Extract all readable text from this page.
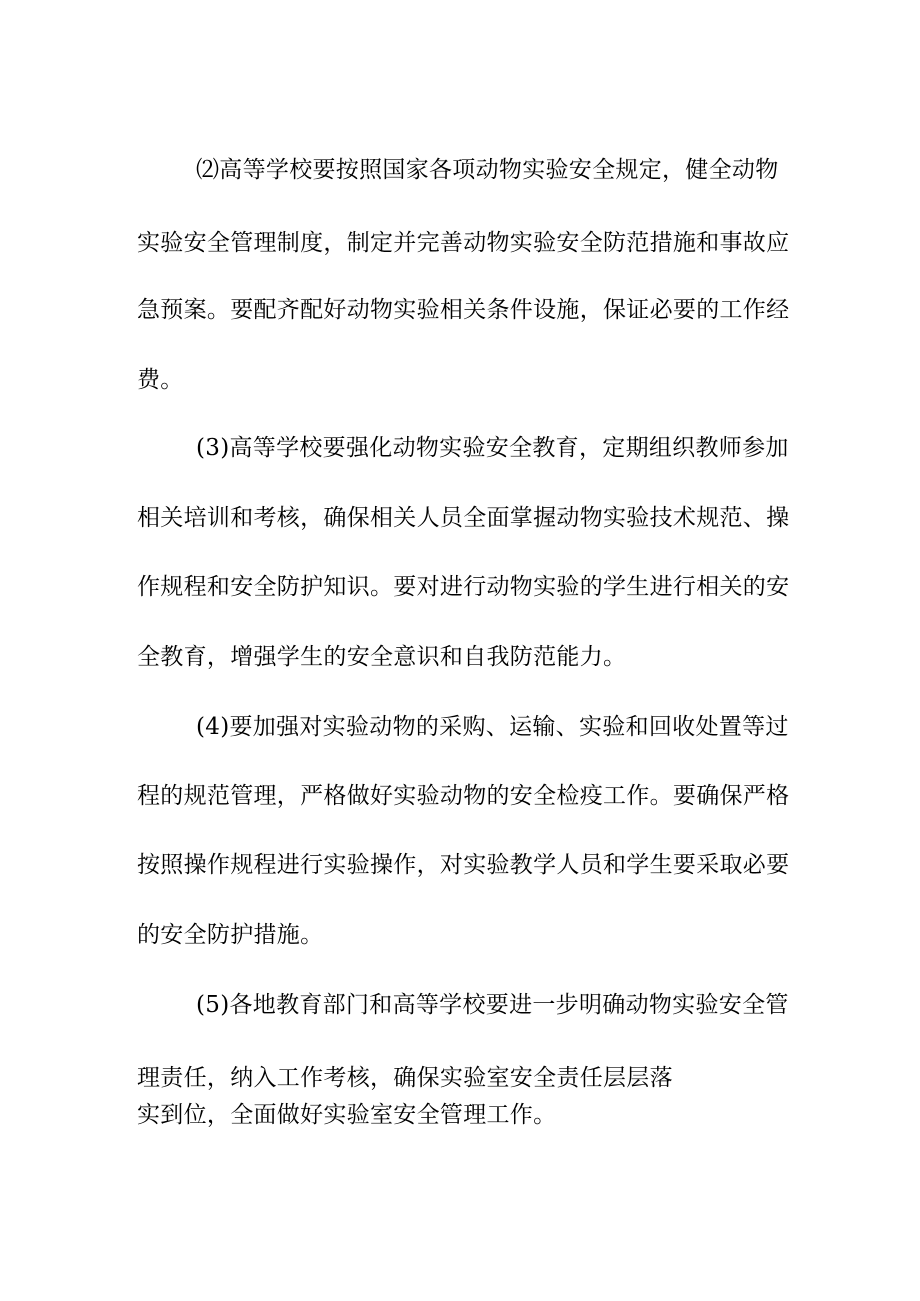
⑵高等学校要按照国家各项动物实验安全规定，健全动物
实验安全管理制度，制定并完善动物实验安全防范措施和事故应
急预案。要配齐配好动物实验相关条件设施，保证必要的工作经
费。
(3)高等学校要强化动物实验安全教育，定期组织教师参加
相关培训和考核，确保相关人员全面掌握动物实验技术规范、操
作规程和安全防护知识。要对进行动物实验的学生进行相关的安
全教育，增强学生的安全意识和自我防范能力。
(4)要加强对实验动物的采购、运输、实验和回收处置等过
程的规范管理，严格做好实验动物的安全检疫工作。要确保严格
按照操作规程进行实验操作，对实验教学人员和学生要采取必要
的安全防护措施。
(5)各地教育部门和高等学校要进一步明确动物实验安全管
理责任，纳入工作考核，确保实验室安全责任层层落
实到位，全面做好实验室安全管理工作。
